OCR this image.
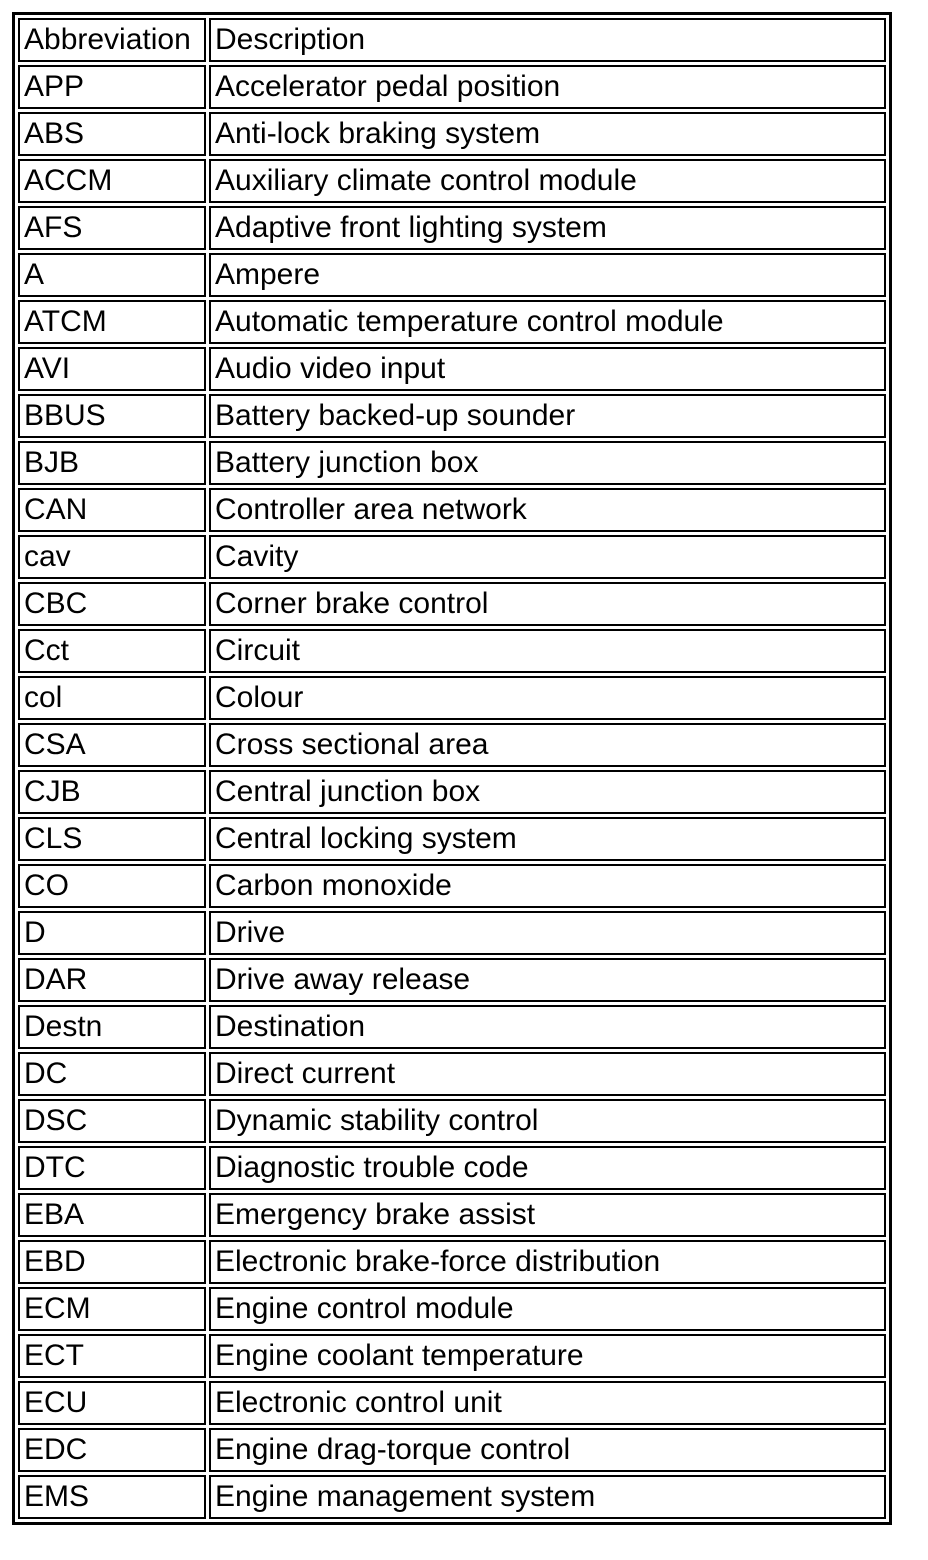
Abbreviation	Description
APP	Accelerator pedal position
ABS	Anti-lock braking system
ACCM	Auxiliary climate control module
AFS	Adaptive front lighting system
A	Ampere
ATCM	Automatic temperature control module
AVI	Audio video input
BBUS	Battery backed-up sounder
BJB	Battery junction box
CAN	Controller area network
cav	Cavity
CBC	Corner brake control
Cct	Circuit
col	Colour
CSA	Cross sectional area
CJB	Central junction box
CLS	Central locking system
CO	Carbon monoxide
D	Drive
DAR	Drive away release
Destn	Destination
DC	Direct current
DSC	Dynamic stability control
DTC	Diagnostic trouble code
EBA	Emergency brake assist
EBD	Electronic brake-force distribution
ECM	Engine control module
ECT	Engine coolant temperature
ECU	Electronic control unit
EDC	Engine drag-torque control
EMS	Engine management system
